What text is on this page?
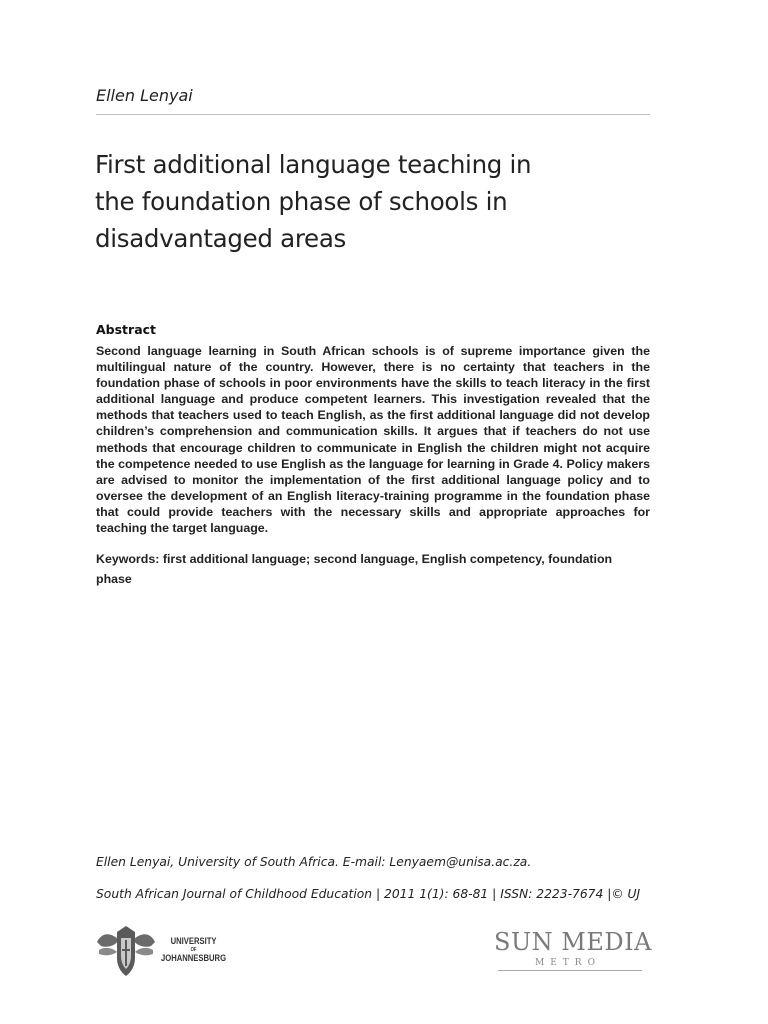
Ellen Lenyai
First additional language teaching in
the foundation phase of schools in
disadvantaged areas
Abstract

Second language learning in South African schools is of supreme importance given the multilingual nature of the country. However, there is no certainty that teachers in the foundation phase of schools in poor environments have the skills to teach literacy in the first additional language and produce competent learners. This investigation revealed that the methods that teachers used to teach English, as the first additional language did not develop children’s comprehension and communication skills. It argues that if teachers do not use methods that encourage children to communicate in English the children might not acquire the competence needed to use English as the language for learning in Grade 4. Policy makers are advised to monitor the implementation of the first additional language policy and to oversee the development of an English literacy-training programme in the foundation phase that could provide teachers with the necessary skills and appropriate approaches for teaching the target language.

Keywords: first additional language; second language, English competency, foundation phase

Ellen Lenyai, University of South Africa. E-mail: Lenyaem@unisa.ac.za.
South African Journal of Childhood Education | 2011 1(1): 68-81 | ISSN: 2223-7674 |© UJ
UNIVERSITY
OF
JOHANNESBURG
SUN MEDIA
METRO
